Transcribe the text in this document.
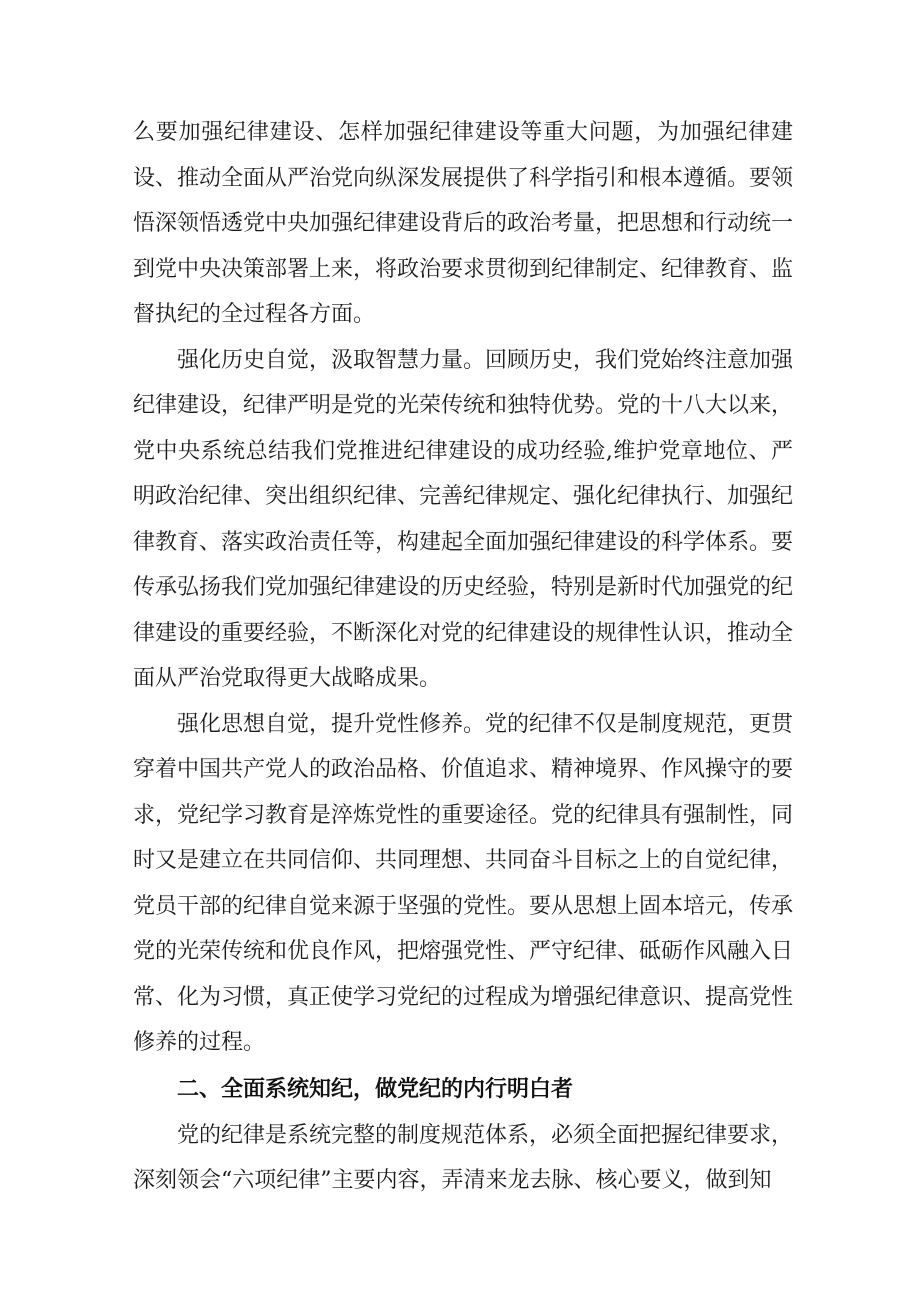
么要加强纪律建设、怎样加强纪律建设等重大问题，为加强纪律建设、推动全面从严治党向纵深发展提供了科学指引和根本遵循。要领悟深领悟透党中央加强纪律建设背后的政治考量，把思想和行动统一到党中央决策部署上来，将政治要求贯彻到纪律制定、纪律教育、监督执纪的全过程各方面。

强化历史自觉，汲取智慧力量。回顾历史，我们党始终注意加强纪律建设，纪律严明是党的光荣传统和独特优势。党的十八大以来，党中央系统总结我们党推进纪律建设的成功经验,维护党章地位、严明政治纪律、突出组织纪律、完善纪律规定、强化纪律执行、加强纪律教育、落实政治责任等，构建起全面加强纪律建设的科学体系。要传承弘扬我们党加强纪律建设的历史经验，特别是新时代加强党的纪律建设的重要经验，不断深化对党的纪律建设的规律性认识，推动全面从严治党取得更大战略成果。

强化思想自觉，提升党性修养。党的纪律不仅是制度规范，更贯穿着中国共产党人的政治品格、价值追求、精神境界、作风操守的要求，党纪学习教育是淬炼党性的重要途径。党的纪律具有强制性，同时又是建立在共同信仰、共同理想、共同奋斗目标之上的自觉纪律，党员干部的纪律自觉来源于坚强的党性。要从思想上固本培元，传承党的光荣传统和优良作风，把熔强党性、严守纪律、砥砺作风融入日常、化为习惯，真正使学习党纪的过程成为增强纪律意识、提高党性修养的过程。

二、全面系统知纪，做党纪的内行明白者

党的纪律是系统完整的制度规范体系，必须全面把握纪律要求，深刻领会“六项纪律”主要内容，弄清来龙去脉、核心要义，做到知
